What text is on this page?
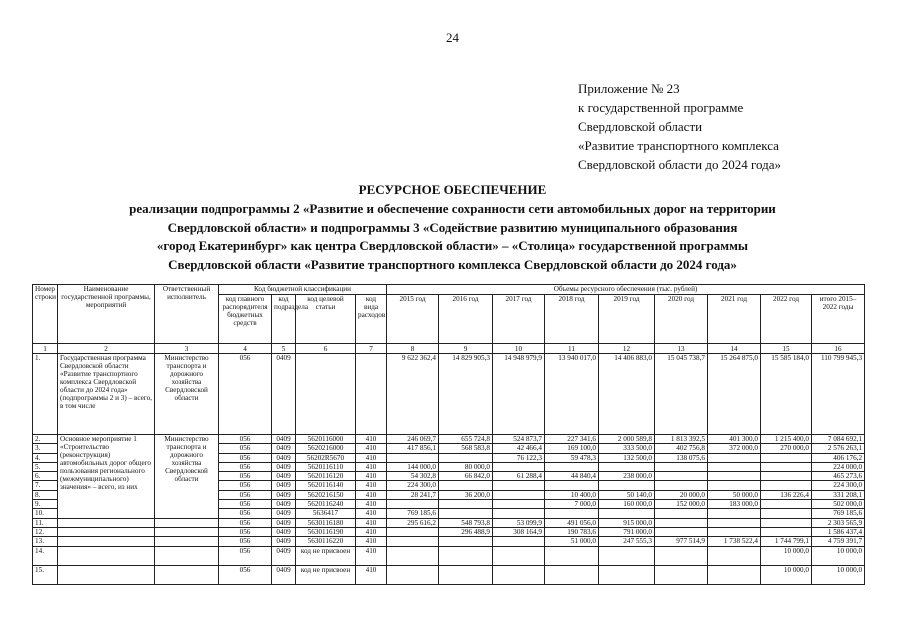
24
Приложение № 23
к государственной программе
Свердловской области
«Развитие транспортного комплекса
Свердловской области до 2024 года»
РЕСУРСНОЕ ОБЕСПЕЧЕНИЕ
реализации подпрограммы 2 «Развитие и обеспечение сохранности сети автомобильных дорог на территории
Свердловской области» и подпрограммы 3 «Содействие развитию муниципального образования
«город Екатеринбург» как центра Свердловской области» – «Столица» государственной программы
Свердловской области «Развитие транспортного комплекса Свердловской области до 2024 года»
Номер строки	Наименование государственной программы, мероприятий	Ответственный исполнитель	Код бюджетной классификации				Объемы ресурсного обеспечения (тыс. рублей)								
			код главного распорядителя бюджетных средств	код подраздела	код целевой статьи	код вида расходов	2015 год	2016 год	2017 год	2018 год	2019 год	2020 год	2021 год	2022 год	итого 2015–2022 годы
1	2	3	4	5	6	7	8	9	10	11	12	13	14	15	16
1.	Государственная программа Свердловской области «Развитие транспортного комплекса Свердловской области до 2024 года» (подпрограммы 2 и 3) – всего, в том числе	Министерство транспорта и дорожного хозяйства Свердловской области	056	0409			9 622 362,4	14 829 905,3	14 948 979,9	13 940 017,0	14 406 883,0	15 045 738,7	15 264 875,0	15 585 184,0	110 799 945,3
2.	Основное мероприятие 1 «Строительство (реконструкция) автомобильных дорог общего пользования регионального (межмуниципального) значения» – всего, из них	Министерство транспорта и дорожного хозяйства Свердловской области	056	0409	5620116000	410	246 069,7	655 724,8	524 873,7	227 341,6	2 000 589,8	1 813 392,5	401 300,0	1 215 400,0	7 084 692,1
3.			056	0409	5620216000	410	417 856,1	568 583,8	42 466,4	169 100,0	333 500,0	402 756,8	372 000,0	270 000,0	2 576 263,1
4.			056	0409	56202R5670	410			76 122,3	59 478,3	132 500,0	138 075,6			406 176,2
5.			056	0409	5620116110	410	144 000,0	80 000,0							224 000,0
6.			056	0409	5620116120	410	54 302,8	66 842,0	61 288,4	44 840,4	238 000,0				465 273,6
7.			056	0409	5620116140	410	224 300,0								224 300,0
8.			056	0409	5620216150	410	28 241,7	36 200,0		10 400,0	50 140,0	20 000,0	50 000,0	136 226,4	331 208,1
9.			056	0409	5620116240	410				7 000,0	160 000,0	152 000,0	183 000,0		502 000,0
10.			056	0409	5636417	410	769 185,6								769 185,6
11.			056	0409	5630116180	410	295 616,2	548 793,8	53 099,9	491 056,0	915 000,0				2 303 565,9
12.			056	0409	5630116190	410		296 488,9	308 164,9	190 783,6	791 000,0				1 586 437,4
13.			056	0409	5630116220	410				51 000,0	247 555,3	977 514,9	1 738 522,4	1 744 799,1	4 759 391,7
14.			056	0409	код не присвоен	410								10 000,0	10 000,0
15.			056	0409	код не присвоен	410								10 000,0	10 000,0
